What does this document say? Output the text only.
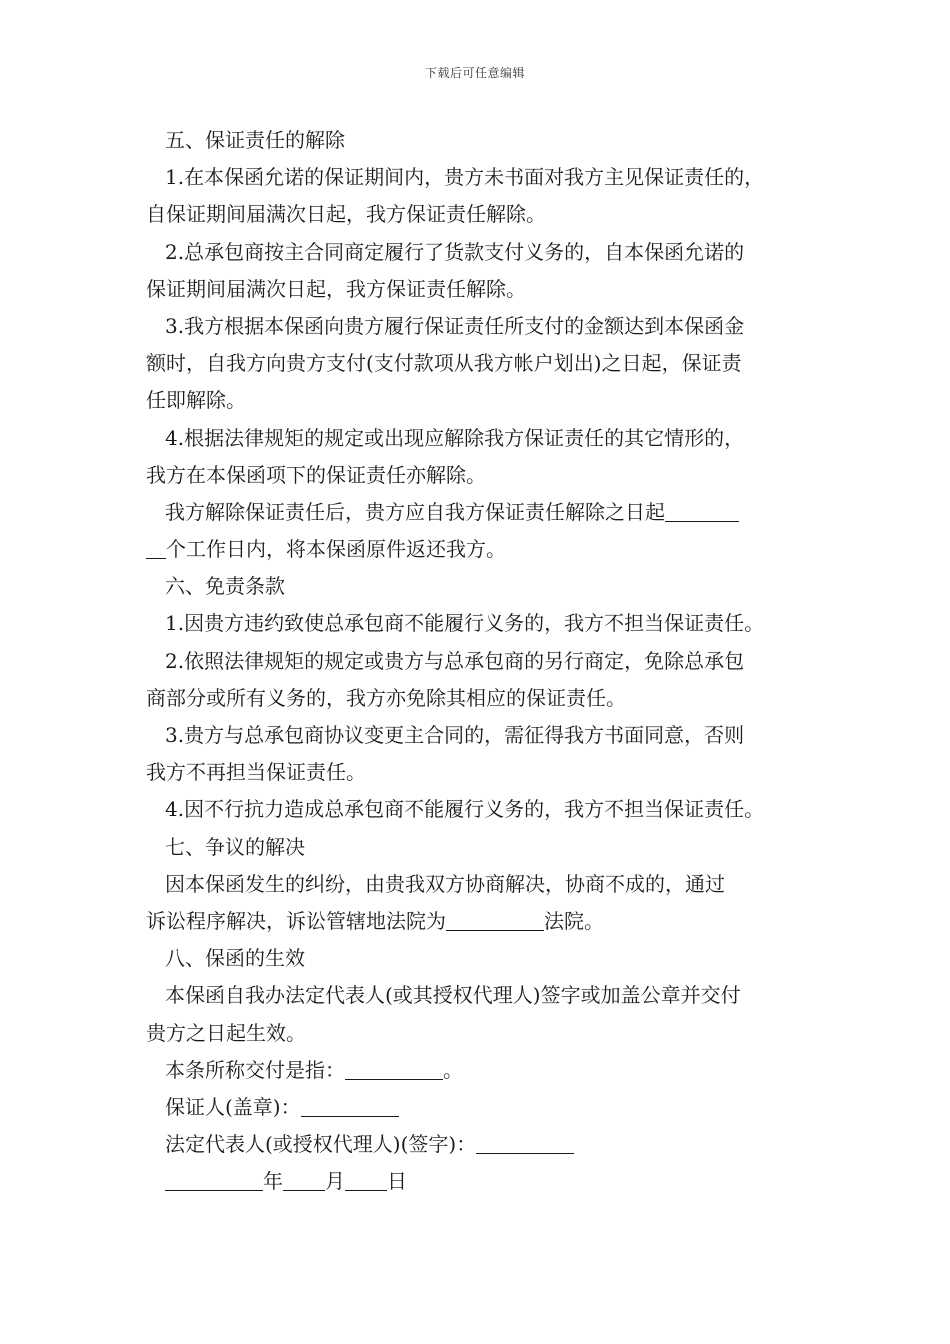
下载后可任意编辑
五、保证责任的解除
1.在本保函允诺的保证期间内，贵方未书面对我方主见保证责任的，
自保证期间届满次日起，我方保证责任解除。
2.总承包商按主合同商定履行了货款支付义务的，自本保函允诺的
保证期间届满次日起，我方保证责任解除。
3.我方根据本保函向贵方履行保证责任所支付的金额达到本保函金
额时，自我方向贵方支付(支付款项从我方帐户划出)之日起，保证责
任即解除。
4.根据法律规矩的规定或出现应解除我方保证责任的其它情形的，
我方在本保函项下的保证责任亦解除。
我方解除保证责任后，贵方应自我方保证责任解除之日起
个工作日内，将本保函原件返还我方。
六、免责条款
1.因贵方违约致使总承包商不能履行义务的，我方不担当保证责任。
2.依照法律规矩的规定或贵方与总承包商的另行商定，免除总承包
商部分或所有义务的，我方亦免除其相应的保证责任。
3.贵方与总承包商协议变更主合同的，需征得我方书面同意，否则
我方不再担当保证责任。
4.因不行抗力造成总承包商不能履行义务的，我方不担当保证责任。
七、争议的解决
因本保函发生的纠纷，由贵我双方协商解决，协商不成的，通过
诉讼程序解决，诉讼管辖地法院为	法院。
八、保函的生效
本保函自我办法定代表人(或其授权代理人)签字或加盖公章并交付
贵方之日起生效。
本条所称交付是指：	。
保证人(盖章)：
法定代表人(或授权代理人)(签字)：
年 月 日
